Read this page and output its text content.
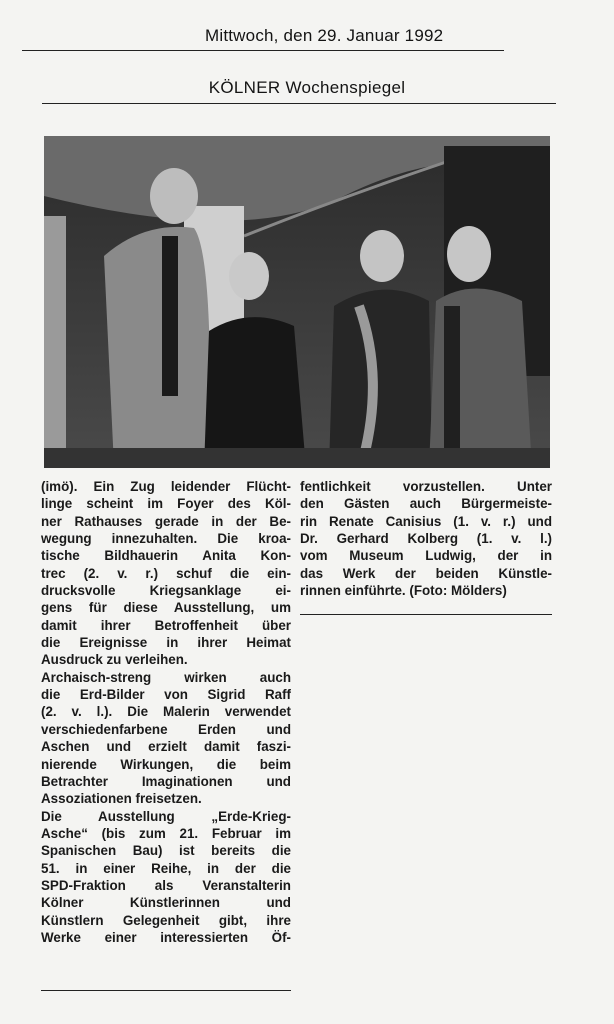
Mittwoch, den 29. Januar 1992
KÖLNER Wochenspiegel
(imö). Ein Zug leidender Flücht-
linge scheint im Foyer des Köl-
ner Rathauses gerade in der Be-
wegung innezuhalten. Die kroa-
tische Bildhauerin Anita Kon-
trec (2. v. r.) schuf die ein-
drucksvolle Kriegsanklage ei-
gens für diese Ausstellung, um
damit ihrer Betroffenheit über
die Ereignisse in ihrer Heimat
Ausdruck zu verleihen.
Archaisch-streng wirken auch
die Erd-Bilder von Sigrid Raff
(2. v. l.). Die Malerin verwendet
verschiedenfarbene Erden und
Aschen und erzielt damit faszi-
nierende Wirkungen, die beim
Betrachter Imaginationen und
Assoziationen freisetzen.
Die Ausstellung „Erde-Krieg-
Asche“ (bis zum 21. Februar im
Spanischen Bau) ist bereits die
51. in einer Reihe, in der die
SPD-Fraktion als Veranstalterin
Kölner Künstlerinnen und
Künstlern Gelegenheit gibt, ihre
Werke einer interessierten Öf-
fentlichkeit vorzustellen. Unter
den Gästen auch Bürgermeiste-
rin Renate Canisius (1. v. r.) und
Dr. Gerhard Kolberg (1. v. l.)
vom Museum Ludwig, der in
das Werk der beiden Künstle-
rinnen einführte. (Foto: Mölders)
